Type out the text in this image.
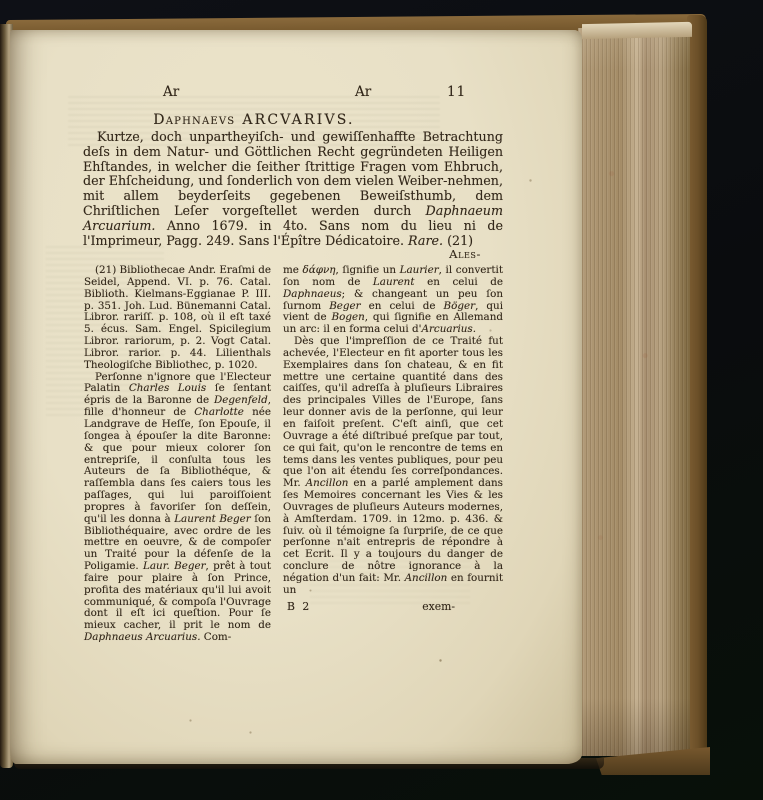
Ar	Ar	11
Daphnaevs ARCVARIVS.

Kurtze, doch unpartheyiſch- und gewiſſenhaffte Betrachtung deſs in dem Natur- und Göttlichen Recht gegründeten Heiligen Ehſtandes, in welcher die ſeither ſtrittige Fragen vom Ehbruch, der Ehſcheidung, und ſonderlich von dem vielen Weiber-nehmen, mit allem beyderſeits gegebenen Beweiſsthumb, dem Chriſtlichen Leſer vorgeſtellet werden durch Daphnaeum Arcuarium. Anno 1679. in 4to. Sans nom du lieu ni de l'Imprimeur, Pagg. 249. Sans l'Épître Dédicatoire. Rare. (21)

Ales-

(21) Bibliothecae Andr. Eraſmi de Seidel, Append. VI. p. 76. Catal. Biblioth. Kielmans-Eggianae P. III. p. 351. Joh. Lud. Bünemanni Catal. Libror. rariſſ. p. 108, où il eſt taxé 5. écus. Sam. Engel. Spicilegium Libror. rariorum, p. 2. Vogt Catal. Libror. rarior. p. 44. Lilienthals Theologiſche Bibliothec, p. 1020.

Perſonne n'ignore que l'Electeur Palatin Charles Louis ſe ſentant épris de la Baronne de Degenfeld, fille d'honneur de Charlotte née Landgrave de Heſſe, ſon Epouſe, il ſongea à épouſer la dite Baronne: & que pour mieux colorer ſon entrepriſe, il conſulta tous les Auteurs de ſa Bibliothéque, & raſſembla dans ſes caiers tous les paſſages, qui lui paroiſſoient propres à favoriſer ſon deſſein, qu'il les donna à Laurent Beger ſon Bibliothéquaire, avec ordre de les mettre en oeuvre, & de compoſer un Traité pour la défenſe de la Poligamie. Laur. Beger, prêt à tout faire pour plaire à ſon Prince, profita des matériaux qu'il lui avoit communiqué, & compoſa l'Ouvrage dont il eſt ici queſtion. Pour ſe mieux cacher, il prit le nom de Daphnaeus Arcuarius. Com-

me δάφνη, ſignifie un Laurier, il convertit ſon nom de Laurent en celui de Daphnaeus; & changeant un peu ſon ſurnom Beger en celui de Böger, qui vient de Bogen, qui ſignifie en Allemand un arc: il en forma celui d'Arcuarius.

Dès que l'impreſſion de ce Traité fut achevée, l'Electeur en fit aporter tous les Exemplaires dans ſon chateau, & en fit mettre une certaine quantité dans des caiſſes, qu'il adreſſa à pluſieurs Libraires des principales Villes de l'Europe, ſans leur donner avis de la perſonne, qui leur en faiſoit preſent. C'eſt ainſi, que cet Ouvrage a été diſtribué preſque par tout, ce qui fait, qu'on le rencontre de tems en tems dans les ventes publiques, pour peu que l'on ait étendu ſes correſpondances. Mr. Ancillon en a parlé amplement dans ſes Memoires concernant les Vies & les Ouvrages de pluſieurs Auteurs modernes, à Amſterdam. 1709. in 12mo. p. 436. & ſuiv. où il témoigne ſa ſurpriſe, de ce que perſonne n'ait entrepris de répondre à cet Ecrit. Il y a toujours du danger de conclure de nôtre ignorance à la négation d'un fait: Mr. Ancillon en fournit un

B 2	exem-
